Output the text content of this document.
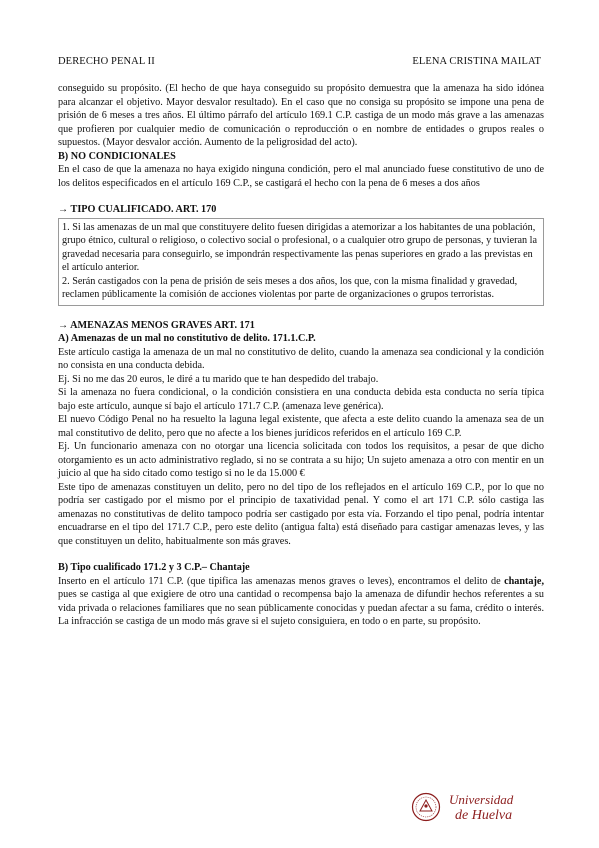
DERECHO PENAL II	ELENA CRISTINA MAILAT

conseguido su propósito. (El hecho de que haya conseguido su propósito demuestra que la amenaza ha sido idónea para alcanzar el objetivo. Mayor desvalor resultado). En el caso que no consiga su propósito se impone una pena de prisión de 6 meses a tres años. El último párrafo del artículo 169.1 C.P. castiga de un modo más grave a las amenazas que profieren por cualquier medio de comunicación o reproducción o en nombre de entidades o grupos reales o supuestos. (Mayor desvalor acción. Aumento de la peligrosidad del acto).

B) NO CONDICIONALES

En el caso de que la amenaza no haya exigido ninguna condición, pero el mal anunciado fuese constitutivo de uno de los delitos especificados en el artículo 169 C.P., se castigará el hecho con la pena de 6 meses a dos años

→ TIPO CUALIFICADO. ART. 170

1. Si las amenazas de un mal que constituyere delito fuesen dirigidas a atemorizar a los habitantes de una población, grupo étnico, cultural o religioso, o colectivo social o profesional, o a cualquier otro grupo de personas, y tuvieran la gravedad necesaria para conseguirlo, se impondrán respectivamente las penas superiores en grado a las previstas en el artículo anterior.

2. Serán castigados con la pena de prisión de seis meses a dos años, los que, con la misma finalidad y gravedad, reclamen públicamente la comisión de acciones violentas por parte de organizaciones o grupos terroristas.

→ AMENAZAS MENOS GRAVES ART. 171

A) Amenazas de un mal no constitutivo de delito. 171.1.C.P.

Este artículo castiga la amenaza de un mal no constitutivo de delito, cuando la amenaza sea condicional y la condición no consista en una conducta debida.

Ej. Si no me das 20 euros, le diré a tu marido que te han despedido del trabajo.

Si la amenaza no fuera condicional, o la condición consistiera en una conducta debida esta conducta no sería típica bajo este artículo, aunque sí bajo el artículo 171.7 C.P. (amenaza leve genérica).

El nuevo Código Penal no ha resuelto la laguna legal existente, que afecta a este delito cuando la amenaza sea de un mal constitutivo de delito, pero que no afecte a los bienes jurídicos referidos en el artículo 169 C.P.

Ej. Un funcionario amenaza con no otorgar una licencia solicitada con todos los requisitos, a pesar de que dicho otorgamiento es un acto administrativo reglado, si no se contrata a su hijo; Un sujeto amenaza a otro con mentir en un juicio al que ha sido citado como testigo si no le da 15.000 €

Este tipo de amenazas constituyen un delito, pero no del tipo de los reflejados en el artículo 169 C.P., por lo que no podría ser castigado por el mismo por el principio de taxatividad penal. Y como el art 171 C.P. sólo castiga las amenazas no constitutivas de delito tampoco podría ser castigado por esta vía. Forzando el tipo penal, podría intentar encuadrarse en el tipo del 171.7 C.P., pero este delito (antigua falta) está diseñado para castigar amenazas leves, y las que constituyen un delito, habitualmente son más graves.

B) Tipo cualificado 171.2 y 3 C.P.– Chantaje

Inserto en el artículo 171 C.P. (que tipifica las amenazas menos graves o leves), encontramos el delito de chantaje, pues se castiga al que exigiere de otro una cantidad o recompensa bajo la amenaza de difundir hechos referentes a su vida privada o relaciones familiares que no sean públicamente conocidas y puedan afectar a su fama, crédito o interés. La infracción se castiga de un modo más grave si el sujeto consiguiera, en todo o en parte, su propósito.

Universidad
de Huelva
